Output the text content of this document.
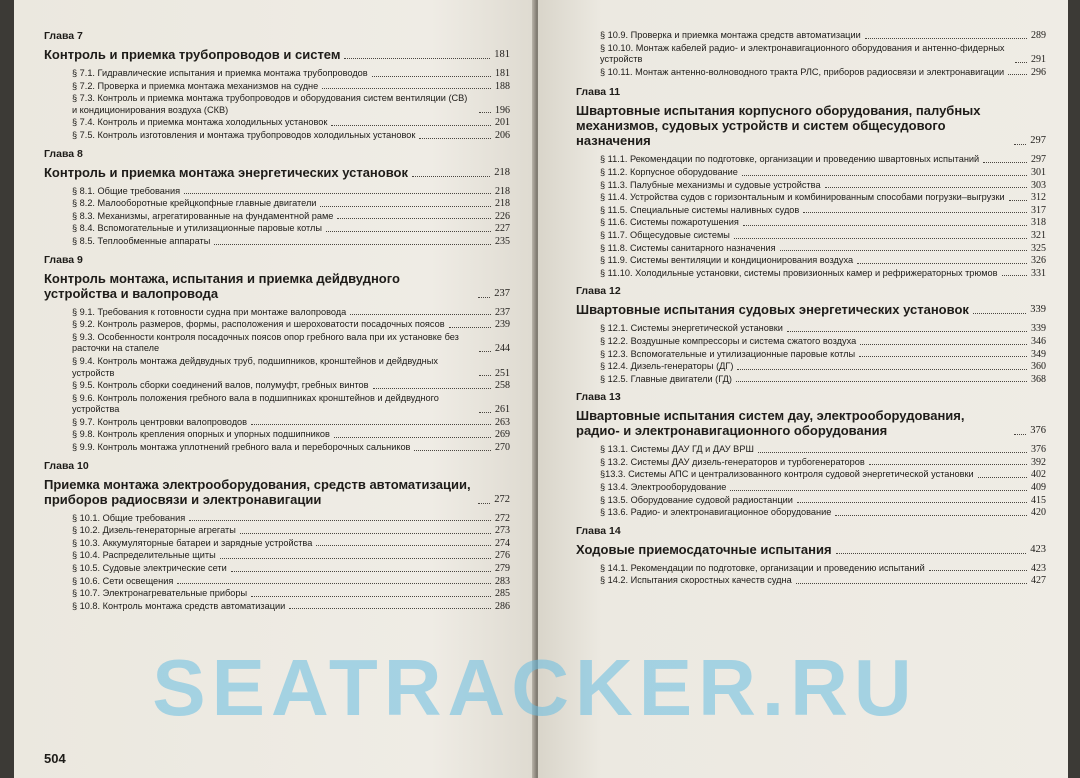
Глава 7
Контроль и приемка трубопроводов и систем	181
§ 7.1. Гидравлические испытания и приемка монтажа трубопроводов	181
§ 7.2. Проверка и приемка монтажа механизмов на судне	188
§ 7.3. Контроль и приемка монтажа трубопроводов и оборудования систем вентиляции (СВ) и кондиционирования воздуха (СКВ)	196
§ 7.4. Контроль и приемка монтажа холодильных установок	201
§ 7.5. Контроль изготовления и монтажа трубопроводов холодильных установок	206
Глава 8
Контроль и приемка монтажа энергетических установок	218
§ 8.1. Общие требования	218
§ 8.2. Малооборотные крейцкопфные главные двигатели	218
§ 8.3. Механизмы, агрегатированные на фундаментной раме	226
§ 8.4. Вспомогательные и утилизационные паровые котлы	227
§ 8.5. Теплообменные аппараты	235
Глава 9
Контроль монтажа, испытания и приемка дейдвудного устройства и валопровода	237
§ 9.1. Требования к готовности судна при монтаже валопровода	237
§ 9.2. Контроль размеров, формы, расположения и шероховатости посадочных поясов	239
§ 9.3. Особенности контроля посадочных поясов опор гребного вала при их установке без расточки на стапеле	244
§ 9.4. Контроль монтажа дейдвудных труб, подшипников, кронштейнов и дейдвудных устройств	251
§ 9.5. Контроль сборки соединений валов, полумуфт, гребных винтов	258
§ 9.6. Контроль положения гребного вала в подшипниках кронштейнов и дейдвудного устройства	261
§ 9.7. Контроль центровки валопроводов	263
§ 9.8. Контроль крепления опорных и упорных подшипников	269
§ 9.9. Контроль монтажа уплотнений гребного вала и переборочных сальников	270
Глава 10
Приемка монтажа электрооборудования, средств автоматизации, приборов радиосвязи и электронавигации	272
§ 10.1. Общие требования	272
§ 10.2. Дизель-генераторные агрегаты	273
§ 10.3. Аккумуляторные батареи и зарядные устройства	274
§ 10.4. Распределительные щиты	276
§ 10.5. Судовые электрические сети	279
§ 10.6. Сети освещения	283
§ 10.7. Электронагревательные приборы	285
§ 10.8. Контроль монтажа средств автоматизации	286
504
§ 10.9. Проверка и приемка монтажа средств автоматизации	289
§ 10.10. Монтаж кабелей радио- и электронавигационного оборудования и антенно-фидерных устройств	291
§ 10.11. Монтаж антенно-волноводного тракта РЛС, приборов радиосвязи и электронавигации	296
Глава 11
Швартовные испытания корпусного оборудования, палубных механизмов, судовых устройств и систем общесудового назначения	297
§ 11.1. Рекомендации по подготовке, организации и проведению швартовных испытаний	297
§ 11.2. Корпусное оборудование	301
§ 11.3. Палубные механизмы и судовые устройства	303
§ 11.4. Устройства судов с горизонтальным и комбинированным способами погрузки–выгрузки	312
§ 11.5. Специальные системы наливных судов	317
§ 11.6. Системы пожаротушения	318
§ 11.7. Общесудовые системы	321
§ 11.8. Системы санитарного назначения	325
§ 11.9. Системы вентиляции и кондиционирования воздуха	326
§ 11.10. Холодильные установки, системы провизионных камер и рефрижераторных трюмов	331
Глава 12
Швартовные испытания судовых энергетических установок	339
§ 12.1. Системы энергетической установки	339
§ 12.2. Воздушные компрессоры и система сжатого воздуха	346
§ 12.3. Вспомогательные и утилизационные паровые котлы	349
§ 12.4. Дизель-генераторы (ДГ)	360
§ 12.5. Главные двигатели (ГД)	368
Глава 13
Швартовные испытания систем дау, электрооборудования, радио- и электронавигационного оборудования	376
§ 13.1. Системы ДАУ ГД и ДАУ ВРШ	376
§ 13.2. Системы ДАУ дизель-генераторов и турбогенераторов	392
§13.3. Системы АПС и централизованного контроля судовой энергетической установки	402
§ 13.4. Электрооборудование	409
§ 13.5. Оборудование судовой радиостанции	415
§ 13.6. Радио- и электронавигационное оборудование	420
Глава 14
Ходовые приемосдаточные испытания	423
§ 14.1. Рекомендации по подготовке, организации и проведению испытаний	423
§ 14.2. Испытания скоростных качеств судна	427
SEATRACKER.RU
